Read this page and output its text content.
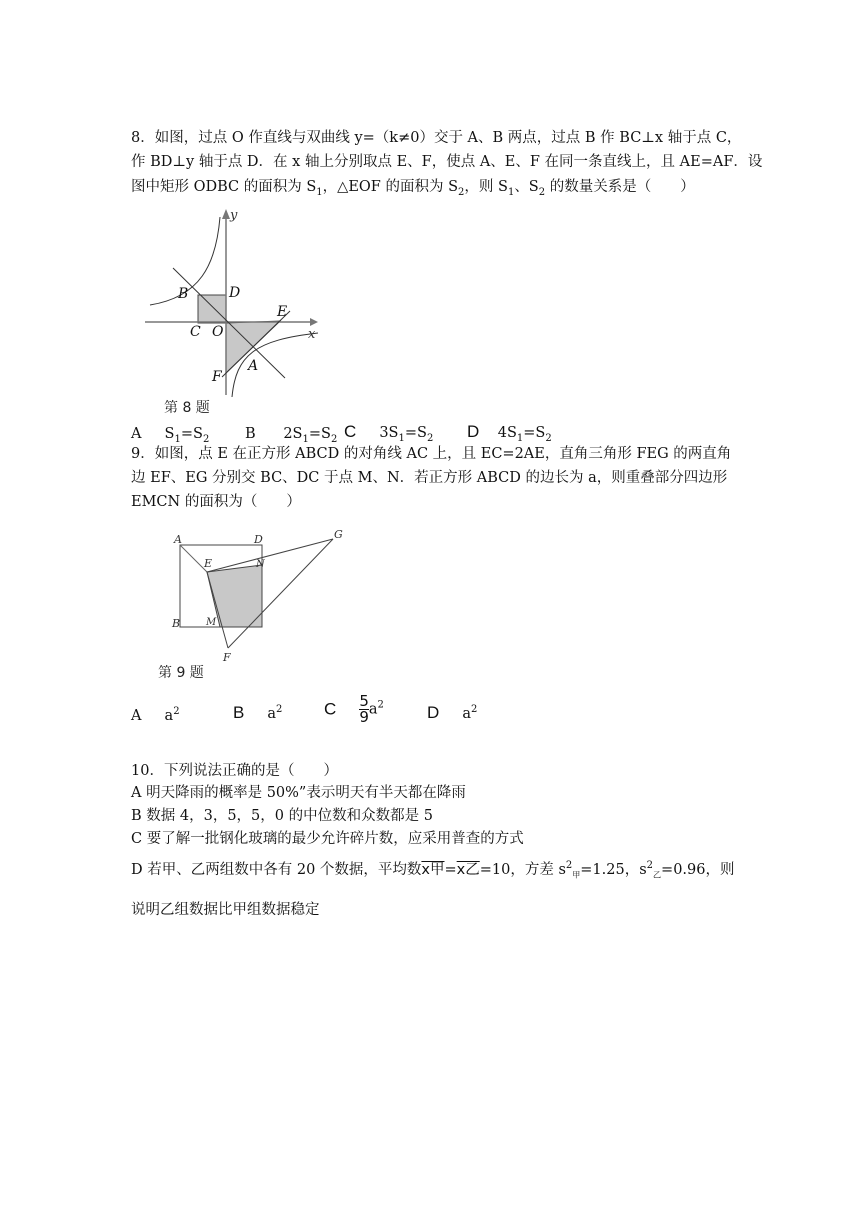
8．如图，过点 O 作直线与双曲线 y=（k≠0）交于 A、B 两点，过点 B 作 BC⊥x 轴于点 C，
作 BD⊥y 轴于点 D．在 x 轴上分别取点 E、F，使点 A、E、F 在同一条直线上，且 AE=AF．设
图中矩形 ODBC 的面积为 $S_1$，△EOF 的面积为 $S_2$，则 $S_1$、$S_2$ 的数量关系是（　　）
y
x
B	D
C O
E
A
F
第 8 题
A $S_1=S_2$ B $2S_1=S_2$ C $3S_1=S_2$ D $4S_1=S_2$
9．如图，点 E 在正方形 ABCD 的对角线 AC 上，且 EC=2AE，直角三角形 FEG 的两直角
边 EF、EG 分别交 BC、DC 于点 M、N．若正方形 ABCD 的边长为 a，则重叠部分四边形
EMCN 的面积为（　　）
A	D	G
E	N
B	M
F
第 9 题
A $a^2$	B $a^2$ C $\frac{5}{9} a^2$	D $a^2$
10．下列说法正确的是（　　）
A 明天降雨的概率是 50%”表示明天有半天都在降雨
B 数据 4，3，5，5，0 的中位数和众数都是 5
C 要了解一批钢化玻璃的最少允许碎片数，应采用普查的方式
D 若甲、乙两组数中各有 20 个数据，平均数x甲=x乙=10，方差 $s^2_甲=1.25$，$s^2_乙=0.96$，则
说明乙组数据比甲组数据稳定
